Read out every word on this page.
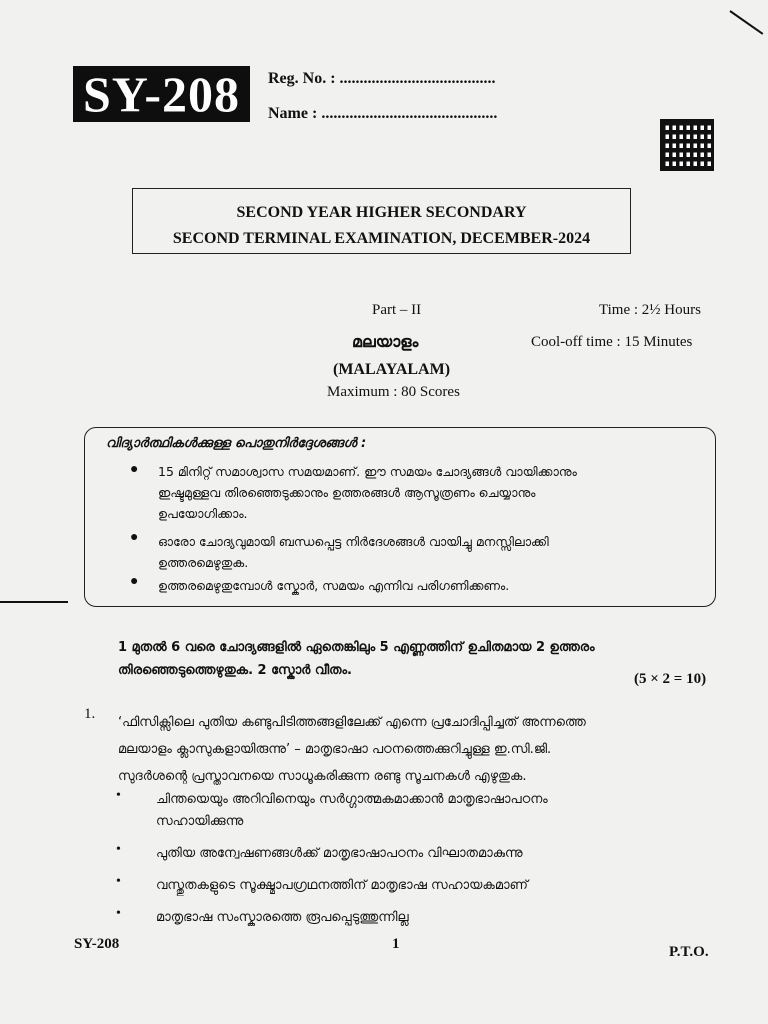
SY-208	Reg. No. : .......................................
Name : ............................................
SECOND YEAR HIGHER SECONDARY
SECOND TERMINAL EXAMINATION, DECEMBER-2024
Part – II	Time : 2½ Hours
മലയാളം	Cool-off time : 15 Minutes
(MALAYALAM)
Maximum : 80 Scores
വിദ്യാർത്ഥികൾക്കുള്ള പൊതുനിർദ്ദേശങ്ങൾ :
● 15 മിനിറ്റ് സമാശ്വാസ സമയമാണ്. ഈ സമയം ചോദ്യങ്ങൾ വായിക്കാനും
ഇഷ്ടമുള്ളവ തിരഞ്ഞെടുക്കാനും ഉത്തരങ്ങൾ ആസൂത്രണം ചെയ്യാനും
ഉപയോഗിക്കാം.
● ഓരോ ചോദ്യവുമായി ബന്ധപ്പെട്ട നിർദേശങ്ങൾ വായിച്ചു മനസ്സിലാക്കി
ഉത്തരമെഴുതുക.
● ഉത്തരമെഴുതുമ്പോൾ സ്കോർ, സമയം എന്നിവ പരിഗണിക്കണം.
1 മുതൽ 6 വരെ ചോദ്യങ്ങളിൽ ഏതെങ്കിലും 5 എണ്ണത്തിന് ഉചിതമായ 2 ഉത്തരം
തിരഞ്ഞെടുത്തെഴുതുക. 2 സ്കോർ വീതം.
(5 × 2 = 10)
1.
‘ഫിസിക്സിലെ പുതിയ കണ്ടുപിടിത്തങ്ങളിലേക്ക് എന്നെ പ്രചോദിപ്പിച്ചത് അന്നത്തെ
മലയാളം ക്ലാസുകളായിരുന്നു’ – മാതൃഭാഷാ പഠനത്തെക്കുറിച്ചുള്ള ഇ.സി.ജി.
സുദർശന്റെ പ്രസ്താവനയെ സാധൂകരിക്കുന്ന രണ്ടു സൂചനകൾ എഴുതുക.
•	ചിന്തയെയും അറിവിനെയും സർഗ്ഗാത്മകമാക്കാൻ മാതൃഭാഷാപഠനം
സഹായിക്കുന്നു
•	പുതിയ അന്വേഷണങ്ങൾക്ക് മാതൃഭാഷാപഠനം വിഘാതമാകുന്നു
•	വസ്തുതകളുടെ സൂക്ഷ്മാപഗ്രഥനത്തിന് മാതൃഭാഷ സഹായകമാണ്
•	മാതൃഭാഷ സംസ്കാരത്തെ രൂപപ്പെടുത്തുന്നില്ല
SY-208	1	P.T.O.
